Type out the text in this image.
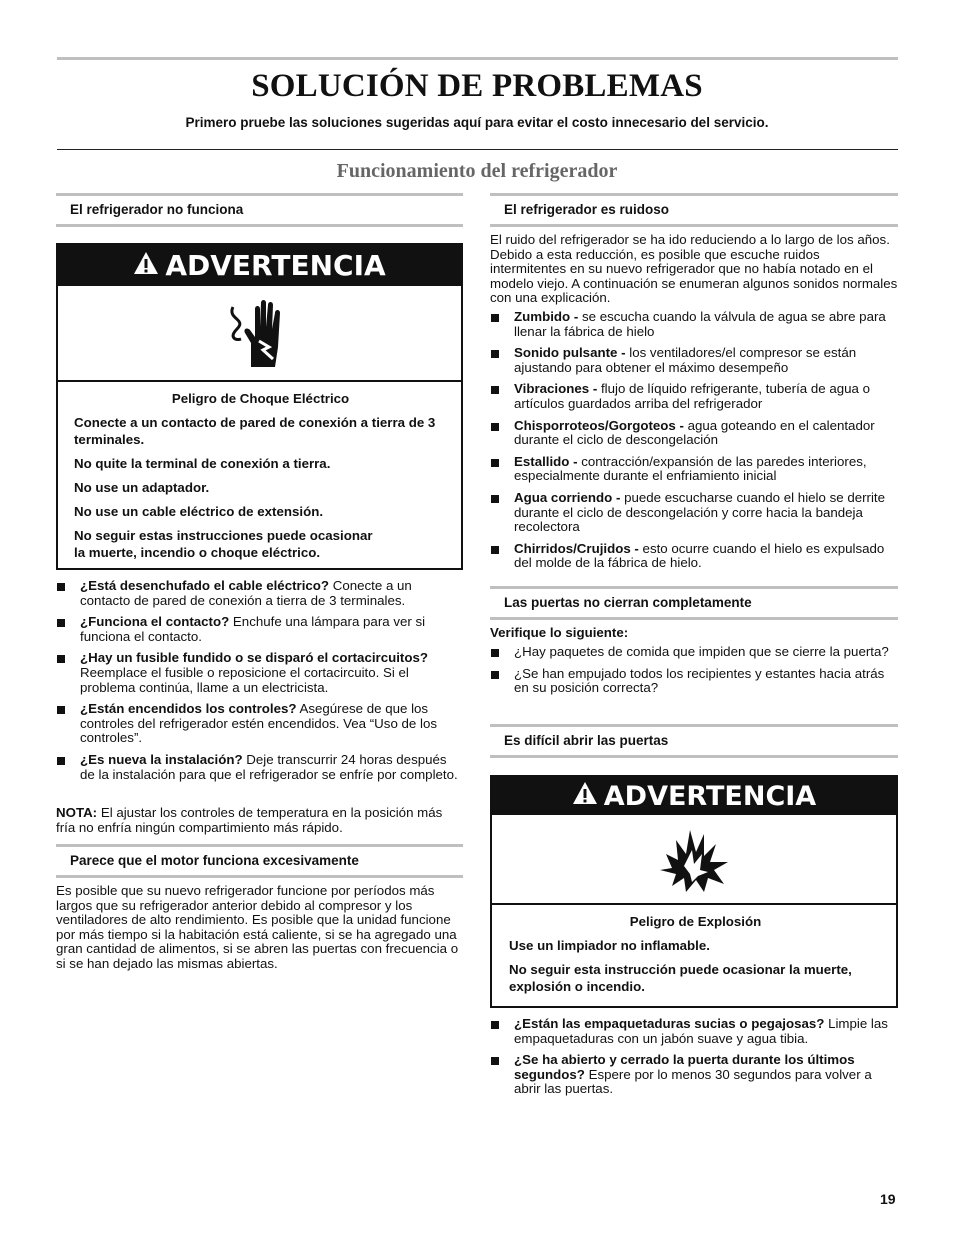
SOLUCIÓN DE PROBLEMAS
Primero pruebe las soluciones sugeridas aquí para evitar el costo innecesario del servicio.
Funcionamiento del refrigerador
El refrigerador no funciona
ADVERTENCIA
Peligro de Choque Eléctrico

Conecte a un contacto de pared de conexión a tierra de 3 terminales.

No quite la terminal de conexión a tierra.

No use un adaptador.

No use un cable eléctrico de extensión.

No seguir estas instrucciones puede ocasionar la muerte, incendio o choque eléctrico.

¿Está desenchufado el cable eléctrico? Conecte a un contacto de pared de conexión a tierra de 3 terminales.
¿Funciona el contacto? Enchufe una lámpara para ver si funciona el contacto.
¿Hay un fusible fundido o se disparó el cortacircuitos? Reemplace el fusible o reposicione el cortacircuito. Si el problema continúa, llame a un electricista.
¿Están encendidos los controles? Asegúrese de que los controles del refrigerador estén encendidos. Vea “Uso de los controles”.
¿Es nueva la instalación? Deje transcurrir 24 horas después de la instalación para que el refrigerador se enfríe por completo.
NOTA: El ajustar los controles de temperatura en la posición más fría no enfría ningún compartimiento más rápido.
Parece que el motor funciona excesivamente
Es posible que su nuevo refrigerador funcione por períodos más largos que su refrigerador anterior debido al compresor y los ventiladores de alto rendimiento. Es posible que la unidad funcione por más tiempo si la habitación está caliente, si se ha agregado una gran cantidad de alimentos, si se abren las puertas con frecuencia o si se han dejado las mismas abiertas.
El refrigerador es ruidoso
El ruido del refrigerador se ha ido reduciendo a lo largo de los años. Debido a esta reducción, es posible que escuche ruidos intermitentes en su nuevo refrigerador que no había notado en el modelo viejo. A continuación se enumeran algunos sonidos normales con una explicación.
Zumbido - se escucha cuando la válvula de agua se abre para llenar la fábrica de hielo
Sonido pulsante - los ventiladores/el compresor se están ajustando para obtener el máximo desempeño
Vibraciones - flujo de líquido refrigerante, tubería de agua o artículos guardados arriba del refrigerador
Chisporroteos/Gorgoteos - agua goteando en el calentador durante el ciclo de descongelación
Estallido - contracción/expansión de las paredes interiores, especialmente durante el enfriamiento inicial
Agua corriendo - puede escucharse cuando el hielo se derrite durante el ciclo de descongelación y corre hacia la bandeja recolectora
Chirridos/Crujidos - esto ocurre cuando el hielo es expulsado del molde de la fábrica de hielo.
Las puertas no cierran completamente
Verifique lo siguiente:
¿Hay paquetes de comida que impiden que se cierre la puerta?
¿Se han empujado todos los recipientes y estantes hacia atrás en su posición correcta?
Es difícil abrir las puertas
ADVERTENCIA
Peligro de Explosión

Use un limpiador no inflamable.

No seguir esta instrucción puede ocasionar la muerte, explosión o incendio.

¿Están las empaquetaduras sucias o pegajosas? Limpie las empaquetaduras con un jabón suave y agua tibia.
¿Se ha abierto y cerrado la puerta durante los últimos segundos? Espere por lo menos 30 segundos para volver a abrir las puertas.
19
